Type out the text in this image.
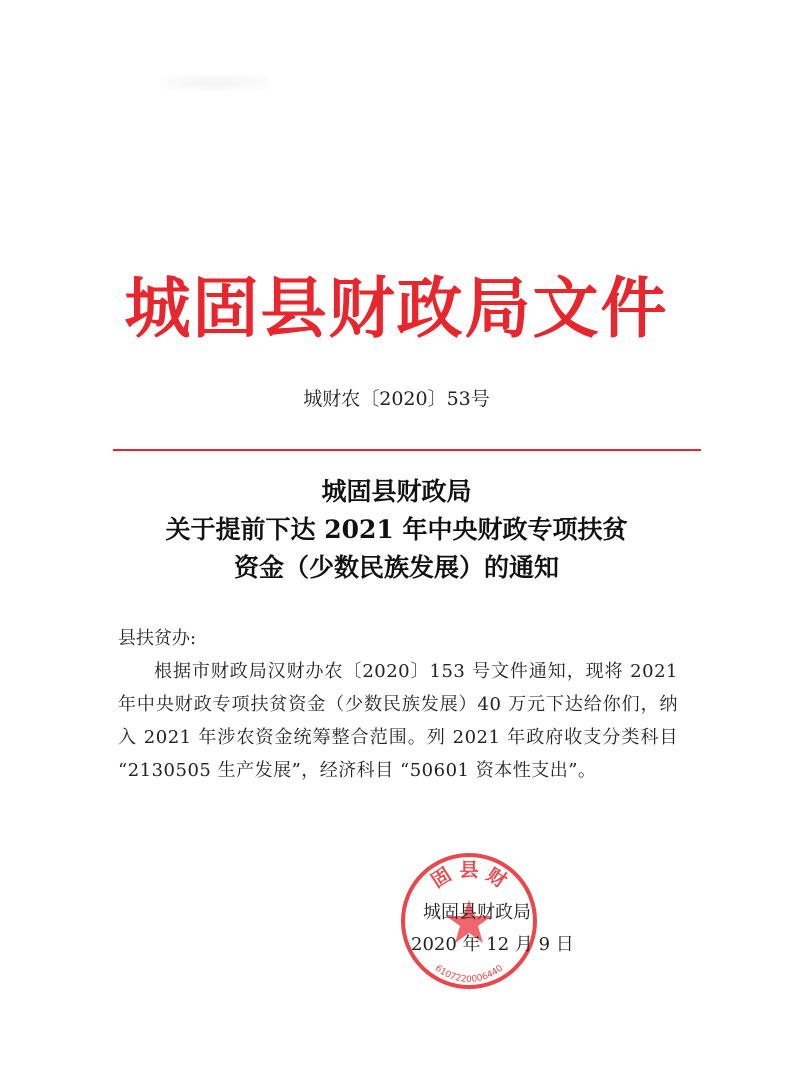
城固县财政局文件
城财农〔2020〕53号
城固县财政局
关于提前下达 2021 年中央财政专项扶贫
资金（少数民族发展）的通知
县扶贫办:
根据市财政局汉财办农〔2020〕153 号文件通知，现将 2021 年中央财政专项扶贫资金（少数民族发展）40 万元下达给你们，纳入 2021 年涉农资金统筹整合范围。列 2021 年政府收支分类科目 “2130505 生产发展”，经济科目 “50601 资本性支出”。
固 县 财
6107220006440
城固县财政局
2020 年 12 月 9 日
